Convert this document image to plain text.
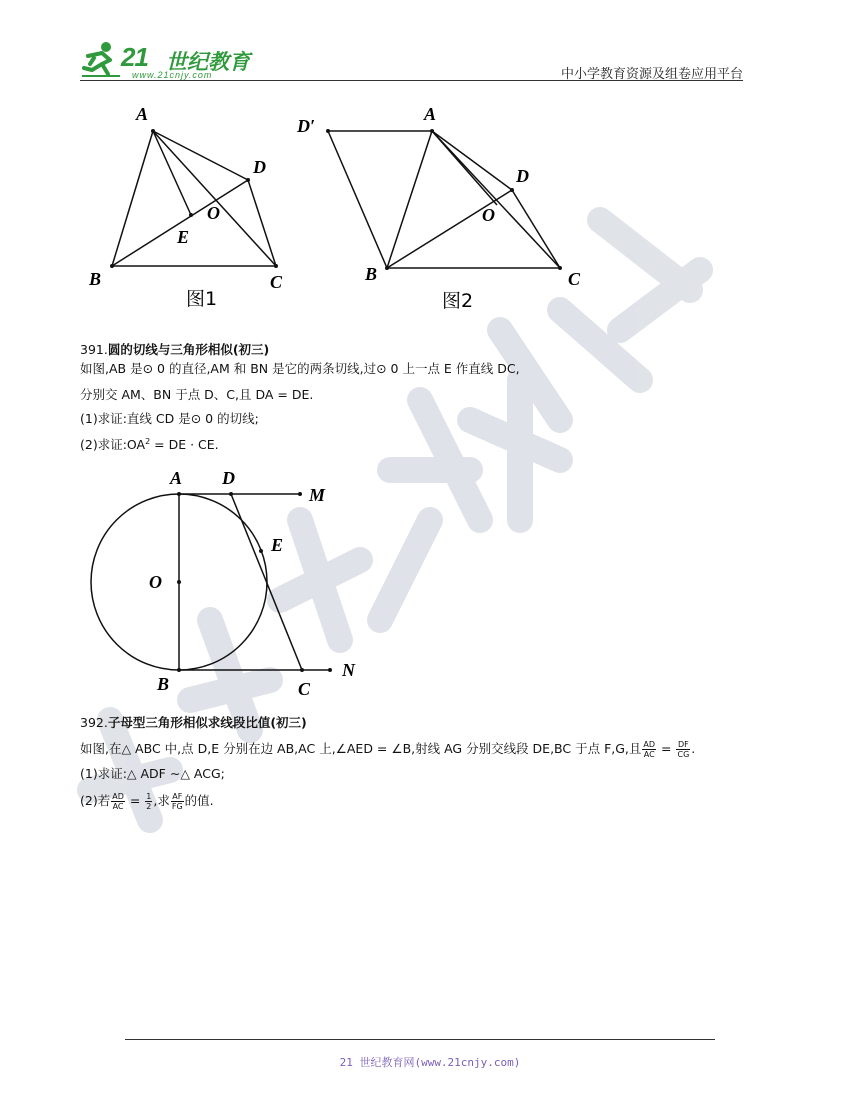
21 世纪教育
www.21cnjy.com	中小学教育资源及组卷应用平台
A
B	C
D
E
O
图1
D′
A
B	C
D
O
图2
391.圆的切线与三角形相似(初三)
如图,AB 是⊙ 0 的直径,AM 和 BN 是它的两条切线,过⊙ 0 上一点 E 作直线 DC,
分别交 AM、BN 于点 D、C,且 DA = DE.
(1)求证:直线 CD 是⊙ 0 的切线;
(2)求证$:OA^2$ = DE · CE.
A D
M
E
O
B	C
N
392.子母型三角形相似求线段比值(初三)
如图,在△ ABC 中,点 D,E 分别在边 AB,AC 上,∠AED = ∠B,射线 AG 分别交线段 DE,BC 于点 F,G,且 $\frac{AD}{AC} = \frac{DF}{CG}$ .
(1)求证:△ ADF ∼△ ACG;
(2)若 $\frac{AD}{AC} = \frac{1}{2}$ ,求 $\frac{AF}{FG}$ 的值.
21 世纪教育网(www.21cnjy.com)
